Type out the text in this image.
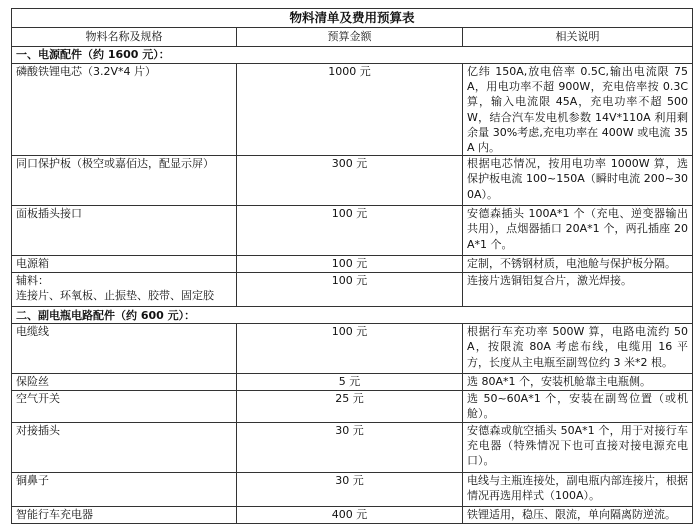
物料清单及费用预算表		
物料名称及规格	预算金额	相关说明
一、电源配件（约 1600 元）：		
磷酸铁锂电芯（3.2V*4 片）	1000 元	亿纬 150A,放电倍率 0.5C,输出电流限 75A，用电功率不超 900W，充电倍率按 0.3C 算，输入电流限 45A，充电功率不超 500W，结合汽车发电机参数 14V*110A 利用剩余量 30%考虑,充电功率在 400W 或电流 35A 内。
同口保护板（极空或嘉佰达，配显示屏）	300 元	根据电芯情况，按用电功率 1000W 算，选保护板电流 100~150A（瞬时电流 200~300A）。
面板插头接口	100 元	安德森插头 100A*1 个（充电、逆变器输出共用），点烟器插口 20A*1 个，两孔插座 20A*1 个。
电源箱	100 元	定制，不锈钢材质，电池舱与保护板分隔。
辅料：
连接片、环氧板、止振垫、胶带、固定胶	100 元	连接片选铜铝复合片，激光焊接。
二、副电瓶电路配件（约 600 元）：		
电缆线	100 元	根据行车充功率 500W 算，电路电流约 50A，按限流 80A 考虑布线，电缆用 16 平方，长度从主电瓶至副驾位约 3 米*2 根。
保险丝	5 元	选 80A*1 个，安装机舱靠主电瓶侧。
空气开关	25 元	选 50~60A*1 个，安装在副驾位置（或机舱）。
对接插头	30 元	安德森或航空插头 50A*1 个，用于对接行车充电器（特殊情况下也可直接对接电源充电口）。
铜鼻子	30 元	电线与主瓶连接处，副电瓶内部连接片，根据情况再选用样式（100A）。
智能行车充电器	400 元	铁锂适用，稳压、限流，单向隔离防逆流。
